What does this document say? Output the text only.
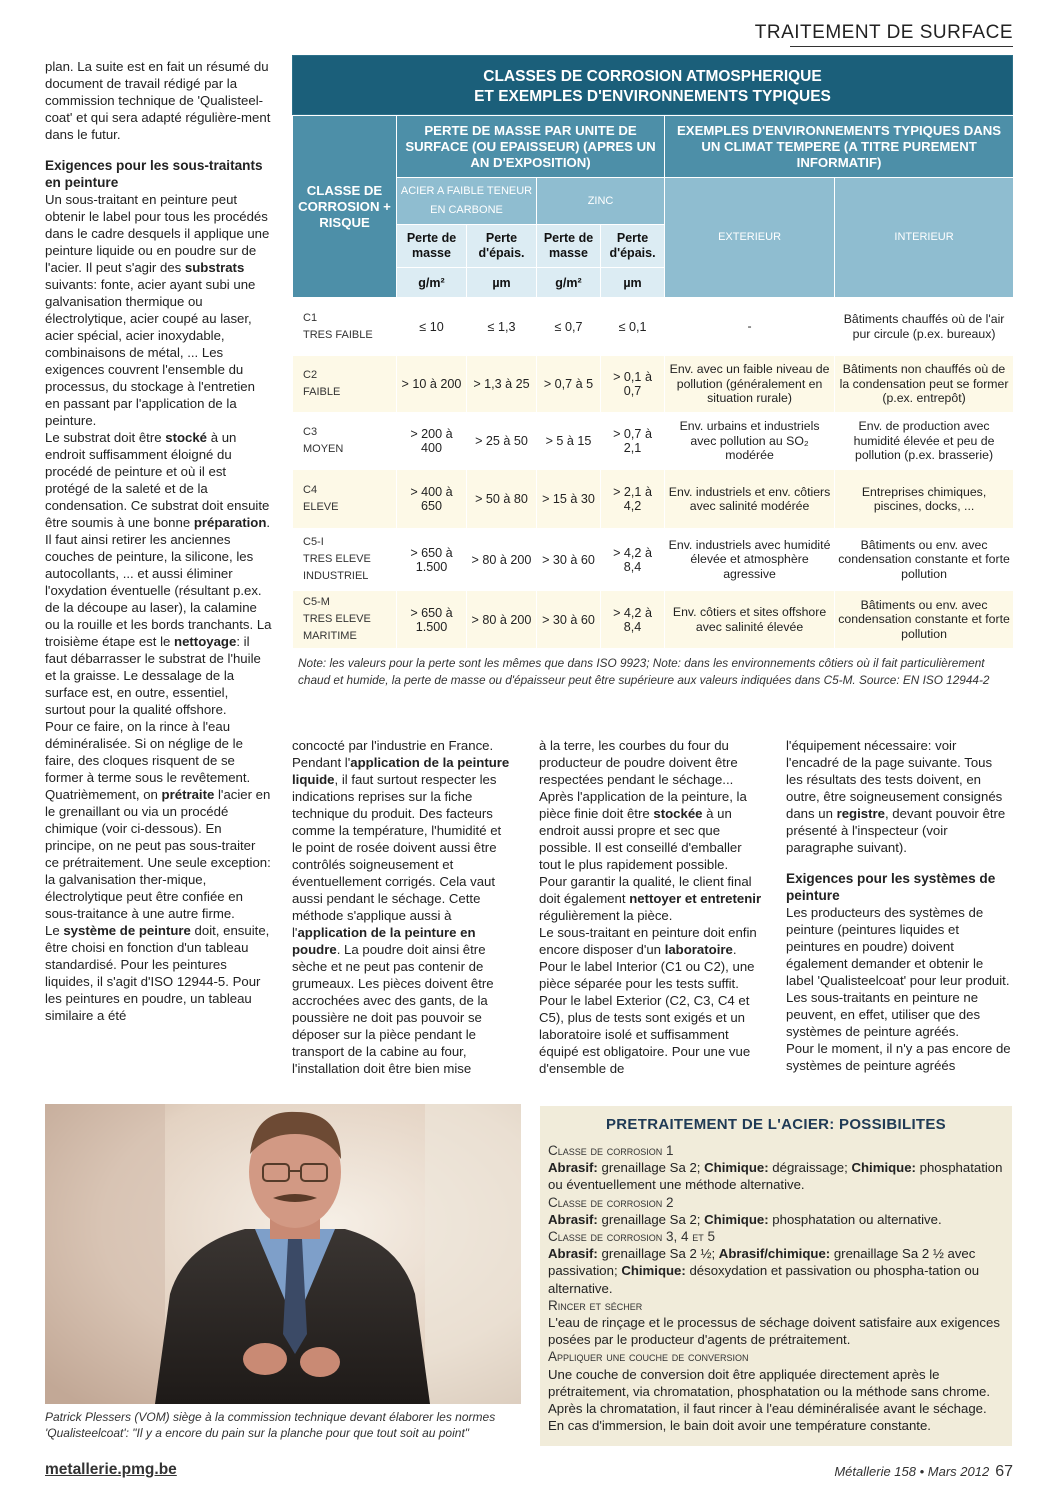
TRAITEMENT DE SURFACE

plan. La suite est en fait un résumé du document de travail rédigé par la commission technique de 'Qualisteel-coat' et qui sera adapté régulière-ment dans le futur.

Exigences pour les sous-traitants en peinture

Un sous-traitant en peinture peut obtenir le label pour tous les procédés dans le cadre desquels il applique une peinture liquide ou en poudre sur de l'acier. Il peut s'agir des substrats suivants: fonte, acier ayant subi une galvanisation thermique ou électrolytique, acier coupé au laser, acier spécial, acier inoxydable, combinaisons de métal, ... Les exigences couvrent l'ensemble du processus, du stockage à l'entretien en passant par l'application de la peinture.

Le substrat doit être stocké à un endroit suffisamment éloigné du procédé de peinture et où il est protégé de la saleté et de la condensation. Ce substrat doit ensuite être soumis à une bonne préparation. Il faut ainsi retirer les anciennes couches de peinture, la silicone, les autocollants, ... et aussi éliminer l'oxydation éventuelle (résultant p.ex. de la découpe au laser), la calamine ou la rouille et les bords tranchants. La troisième étape est le nettoyage: il faut débarrasser le substrat de l'huile et la graisse. Le dessalage de la surface est, en outre, essentiel, surtout pour la qualité offshore.

Pour ce faire, on la rince à l'eau déminéralisée. Si on néglige de le faire, des cloques risquent de se former à terme sous le revêtement. Quatrièmement, on prétraite l'acier en le grenaillant ou via un procédé chimique (voir ci-dessous). En principe, on ne peut pas sous-traiter ce prétraitement. Une seule exception: la galvanisation ther-mique, électrolytique peut être confiée en sous-traitance à une autre firme.

Le système de peinture doit, ensuite, être choisi en fonction d'un tableau standardisé. Pour les peintures liquides, il s'agit d'ISO 12944-5. Pour les peintures en poudre, un tableau similaire a été

CLASSES DE CORROSION ATMOSPHERIQUE
ET EXEMPLES D'ENVIRONNEMENTS TYPIQUES
CLASSE DE CORROSION + RISQUE	PERTE DE MASSE PAR UNITE DE SURFACE (OU EPAISSEUR) (APRES UN AN D'EXPOSITION)				EXEMPLES D'ENVIRONNEMENTS TYPIQUES DANS UN CLIMAT TEMPERE (A TITRE PUREMENT INFORMATIF)	
	ACIER A FAIBLE TENEUR EN CARBONE		ZINC		EXTERIEUR	INTERIEUR
	Perte de masse	Perte d'épais.	Perte de masse	Perte d'épais.		
	g/m²	µm	g/m²	µm		

C1
TRES FAIBLE	≤ 10	≤ 1,3	≤ 0,7	≤ 0,1	-	Bâtiments chauffés où de l'air pur circule (p.ex. bureaux)

C2
FAIBLE	> 10 à 200	> 1,3 à 25	> 0,7 à 5	> 0,1 à 0,7	Env. avec un faible niveau de pollution (généralement en situation rurale)	Bâtiments non chauffés où de la condensation peut se former (p.ex. entrepôt)

C3
MOYEN	> 200 à 400	> 25 à 50	> 5 à 15	> 0,7 à 2,1	Env. urbains et industriels avec pollution au SO₂ modérée	Env. de production avec humidité élevée et peu de pollution (p.ex. brasserie)

C4
ELEVE	> 400 à 650	> 50 à 80	> 15 à 30	> 2,1 à 4,2	Env. industriels et env. côtiers avec salinité modérée	Entreprises chimiques, piscines, docks, ...

C5-I
TRES ELEVE INDUSTRIEL	> 650 à 1.500	> 80 à 200	> 30 à 60	> 4,2 à 8,4	Env. industriels avec humidité élevée et atmosphère agressive	Bâtiments ou env. avec condensation constante et forte pollution

C5-M
TRES ELEVE MARITIME	> 650 à 1.500	> 80 à 200	> 30 à 60	> 4,2 à 8,4	Env. côtiers et sites offshore avec salinité élevée	Bâtiments ou env. avec condensation constante et forte pollution
Note: les valeurs pour la perte sont les mêmes que dans ISO 9923; Note: dans les environnements côtiers où il fait particulièrement chaud et humide, la perte de masse ou d'épaisseur peut être supérieure aux valeurs indiquées dans C5-M. Source: EN ISO 12944-2

concocté par l'industrie en France.

Pendant l'application de la peinture liquide, il faut surtout respecter les indications reprises sur la fiche technique du produit. Des facteurs comme la température, l'humidité et le point de rosée doivent aussi être contrôlés soigneusement et éventuellement corrigés. Cela vaut aussi pendant le séchage. Cette méthode s'applique aussi à l'application de la peinture en poudre. La poudre doit ainsi être sèche et ne peut pas contenir de grumeaux. Les pièces doivent être accrochées avec des gants, de la poussière ne doit pas pouvoir se déposer sur la pièce pendant le transport de la cabine au four, l'installation doit être bien mise

à la terre, les courbes du four du producteur de poudre doivent être respectées pendant le séchage...

Après l'application de la peinture, la pièce finie doit être stockée à un endroit aussi propre et sec que possible. Il est conseillé d'emballer tout le plus rapidement possible.

Pour garantir la qualité, le client final doit également nettoyer et entretenir régulièrement la pièce.

Le sous-traitant en peinture doit enfin encore disposer d'un laboratoire. Pour le label Interior (C1 ou C2), une pièce séparée pour les tests suffit. Pour le label Exterior (C2, C3, C4 et C5), plus de tests sont exigés et un laboratoire isolé et suffisamment équipé est obligatoire. Pour une vue d'ensemble de

l'équipement nécessaire: voir l'encadré de la page suivante. Tous les résultats des tests doivent, en outre, être soigneusement consignés dans un registre, devant pouvoir être présenté à l'inspecteur (voir paragraphe suivant).

Exigences pour les systèmes de peinture

Les producteurs des systèmes de peinture (peintures liquides et peintures en poudre) doivent également demander et obtenir le label 'Qualisteelcoat' pour leur produit. Les sous-traitants en peinture ne peuvent, en effet, utiliser que des systèmes de peinture agréés.

Pour le moment, il n'y a pas encore de systèmes de peinture agréés

Patrick Plessers (VOM) siège à la commission technique devant élaborer les normes 'Qualisteelcoat': "Il y a encore du pain sur la planche pour que tout soit au point"
PRETRAITEMENT DE L'ACIER: POSSIBILITES
Classe de corrosion 1
Abrasif: grenaillage Sa 2; Chimique: dégraissage; Chimique: phosphatation ou éventuellement une méthode alternative.
Classe de corrosion 2
Abrasif: grenaillage Sa 2; Chimique: phosphatation ou alternative.
Classe de corrosion 3, 4 et 5
Abrasif: grenaillage Sa 2 ½; Abrasif/chimique: grenaillage Sa 2 ½ avec passivation; Chimique: désoxydation et passivation ou phospha-tation ou alternative.
Rincer et sécher
L'eau de rinçage et le processus de séchage doivent satisfaire aux exigences posées par le producteur d'agents de prétraitement.
Appliquer une couche de conversion
Une couche de conversion doit être appliquée directement après le prétraitement, via chromatation, phosphatation ou la méthode sans chrome. Après la chromatation, il faut rincer à l'eau déminéralisée avant le séchage. En cas d'immersion, le bain doit avoir une température constante.
metallerie.pmg.be	Métallerie 158 • Mars 2012 67
